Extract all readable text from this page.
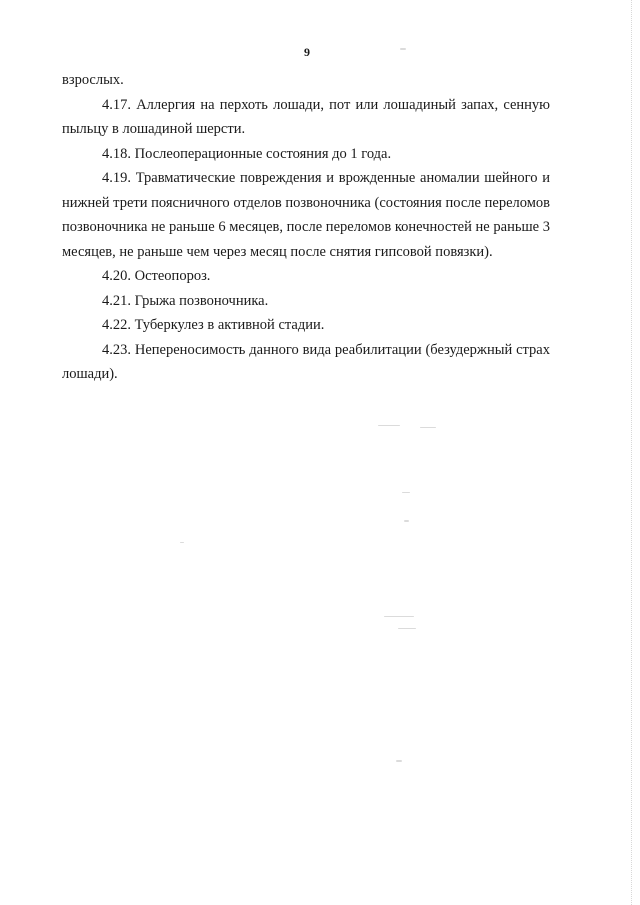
9

взрослых.

4.17. Аллергия на перхоть лошади, пот или лошадиный запах, сенную пыльцу в лошадиной шерсти.

4.18. Послеоперационные состояния до 1 года.

4.19. Травматические повреждения и врожденные аномалии шейного и нижней трети поясничного отделов позвоночника (состояния после переломов позвоночника не раньше 6 месяцев, после переломов конечностей не раньше 3 месяцев, не раньше чем через месяц после снятия гипсовой повязки).

4.20. Остеопороз.

4.21. Грыжа позвоночника.

4.22. Туберкулез в активной стадии.

4.23. Непереносимость данного вида реабилитации (безудержный страх лошади).
